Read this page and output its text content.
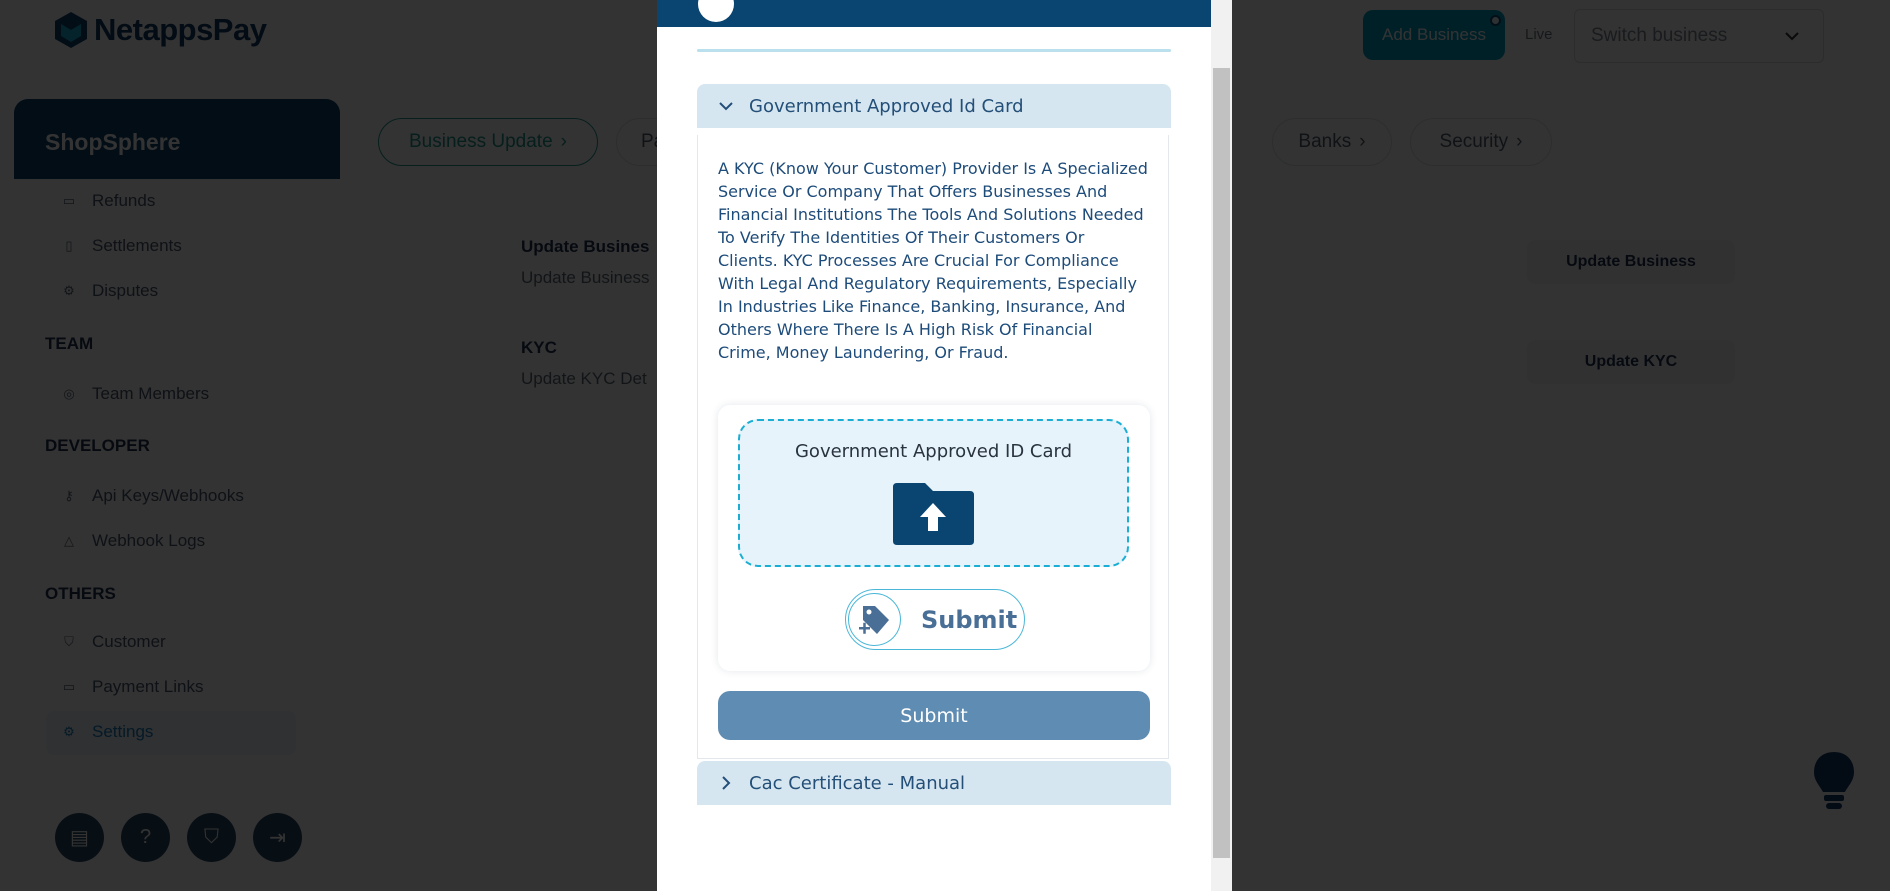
Government Approved Id Card
A KYC (Know Your Customer) Provider Is A Specialized Service Or Company That Offers Businesses And Financial Institutions The Tools And Solutions Needed To Verify The Identities Of Their Customers Or Clients. KYC Processes Are Crucial For Compliance With Legal And Regulatory Requirements, Especially In Industries Like Finance, Banking, Insurance, And Others Where There Is A High Risk Of Financial Crime, Money Laundering, Or Fraud.
Government Approved ID Card
Submit
Submit
Cac Certificate - Manual
